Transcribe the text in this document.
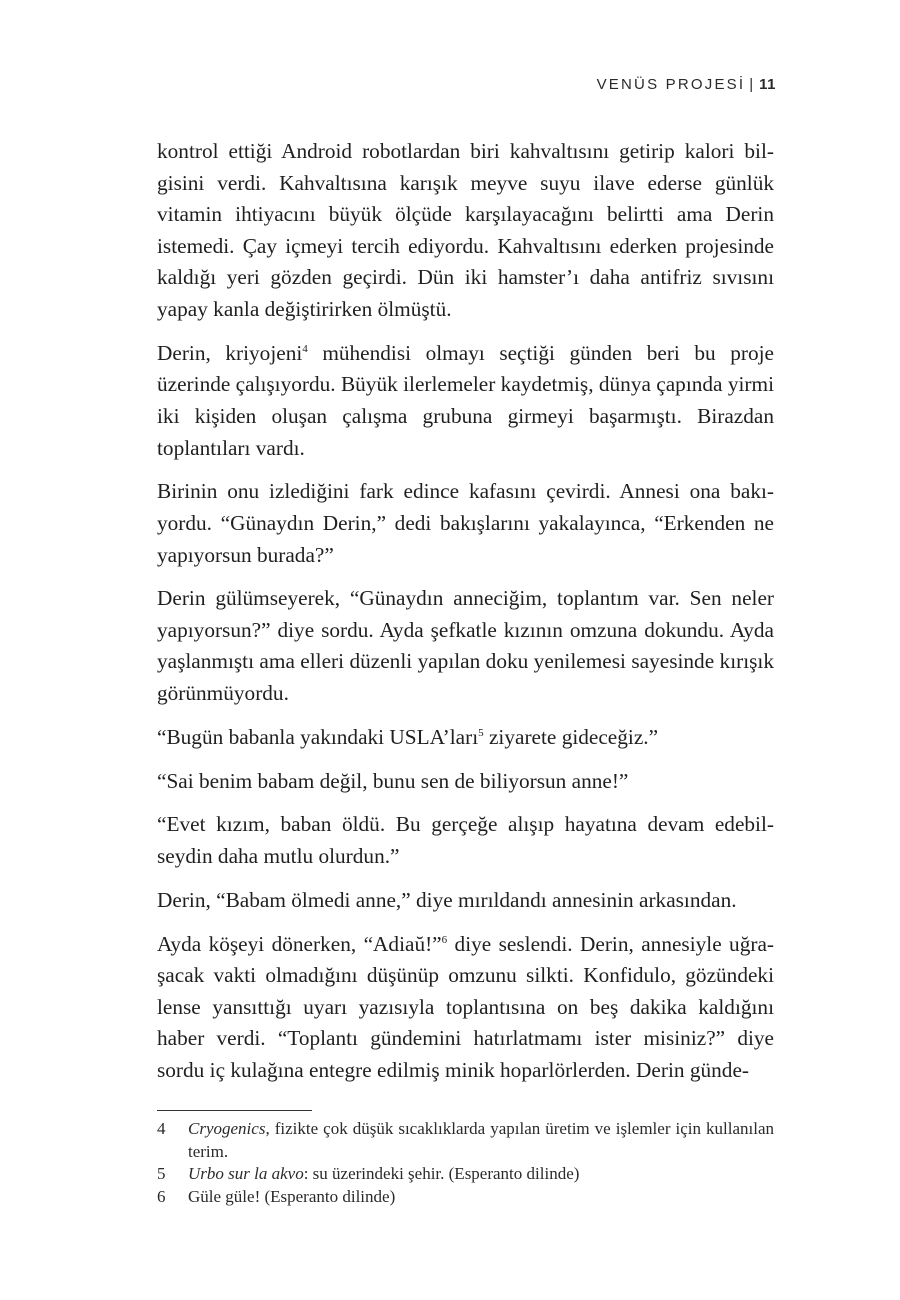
VENÜS PROJESİ | 11

kontrol ettiği Android robotlardan biri kahvaltısını getirip kalori bilgisini verdi. Kahvaltısına karışık meyve suyu ilave ederse günlük vitamin ihtiyacını büyük ölçüde karşılayacağını belirtti ama Derin istemedi. Çay içmeyi tercih ediyordu. Kahvaltısını ederken projesinde kaldığı yeri gözden geçirdi. Dün iki hamster’ı daha antifriz sıvısını yapay kanla değiştirirken ölmüştü.

Derin, kriyojeni$^4$ mühendisi olmayı seçtiği günden beri bu proje üzerinde çalışıyordu. Büyük ilerlemeler kaydetmiş, dünya çapında yirmi iki kişiden oluşan çalışma grubuna girmeyi başarmıştı. Birazdan toplantıları vardı.

Birinin onu izlediğini fark edince kafasını çevirdi. Annesi ona bakıyordu. “Günaydın Derin,” dedi bakışlarını yakalayınca, “Erkenden ne yapıyorsun burada?”

Derin gülümseyerek, “Günaydın anneciğim, toplantım var. Sen neler yapıyorsun?” diye sordu. Ayda şefkatle kızının omzuna dokundu. Ayda yaşlanmıştı ama elleri düzenli yapılan doku yenilemesi sayesinde kırışık görünmüyordu.

“Bugün babanla yakındaki USLA’ları$^5$ ziyarete gideceğiz.”

“Sai benim babam değil, bunu sen de biliyorsun anne!”

“Evet kızım, baban öldü. Bu gerçeğe alışıp hayatına devam edebilseydin daha mutlu olurdun.”

Derin, “Babam ölmedi anne,” diye mırıldandı annesinin arkasından.

Ayda köşeyi dönerken, “Adiaŭ!”$^6$ diye seslendi. Derin, annesiyle uğraşacak vakti olmadığını düşünüp omzunu silkti. Konfidulo, gözündeki lense yansıttığı uyarı yazısıyla toplantısına on beş dakika kaldığını haber verdi. “Toplantı gündemini hatırlatmamı ister misiniz?” diye sordu iç kulağına entegre edilmiş minik hoparlörlerden. Derin günde-

4	Cryogenics, fizikte çok düşük sıcaklıklarda yapılan üretim ve işlemler için kullanılan terim.
5	Urbo sur la akvo: su üzerindeki şehir. (Esperanto dilinde)
6	Güle güle! (Esperanto dilinde)
